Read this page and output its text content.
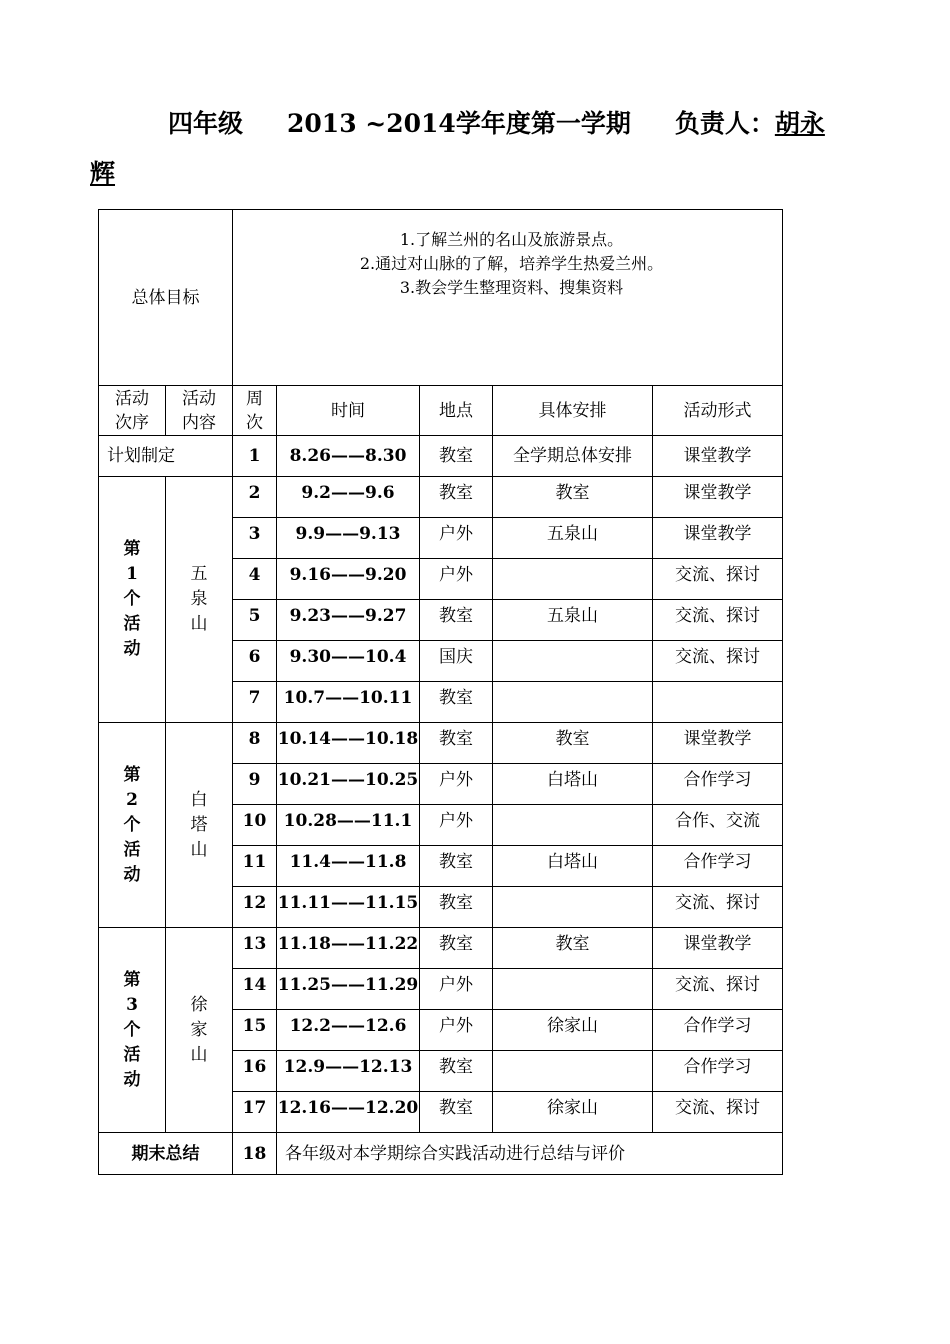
四年级 2013 ~2014学年度第一学期 负责人：胡永
辉
总体目标		1.了解兰州的名山及旅游景点。
2.通过对山脉的了解，培养学生热爱兰州。
3.教会学生整理资料、搜集资料				

活动次序	活动内容	周次	时间	地点	具体安排	活动形式
计划制定		1	8.26——8.30	教室	全学期总体安排	课堂教学
第1个活动	五泉山	2	9.2——9.6	教室	教室	课堂教学
		3	9.9——9.13	户外	五泉山	课堂教学
		4	9.16——9.20	户外		交流、探讨
		5	9.23——9.27	教室	五泉山	交流、探讨
		6	9.30——10.4	国庆		交流、探讨
		7	10.7——10.11	教室		
第2个活动	白塔山	8	10.14——10.18	教室	教室	课堂教学
		9	10.21——10.25	户外	白塔山	合作学习
		10	10.28——11.1	户外		合作、交流
		11	11.4——11.8	教室	白塔山	合作学习
		12	11.11——11.15	教室		交流、探讨
第3个活动	徐家山	13	11.18——11.22	教室	教室	课堂教学
		14	11.25——11.29	户外		交流、探讨
		15	12.2——12.6	户外	徐家山	合作学习
		16	12.9——12.13	教室		合作学习
		17	12.16——12.20	教室	徐家山	交流、探讨
期末总结		18	各年级对本学期综合实践活动进行总结与评价			
